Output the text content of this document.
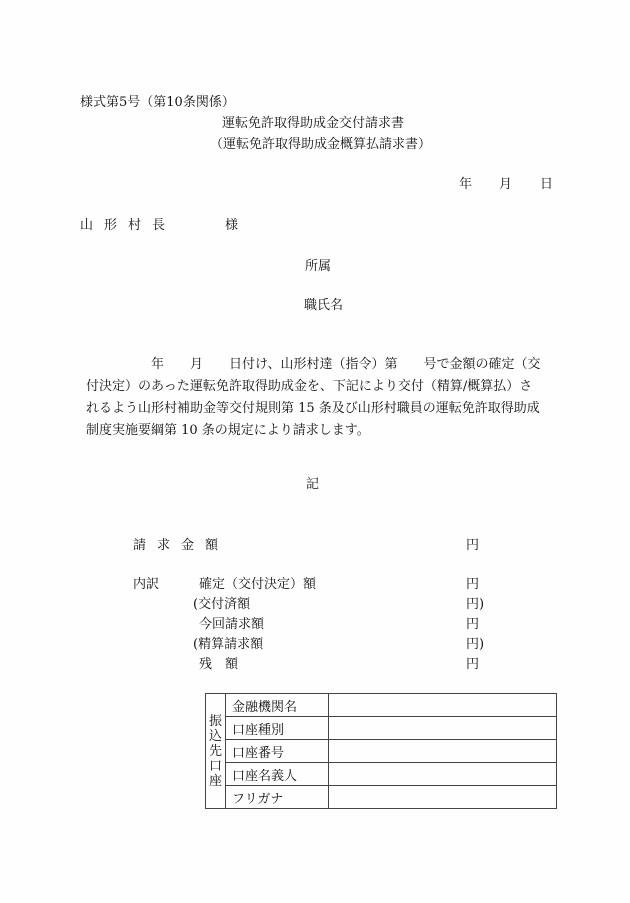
様式第5号（第10条関係）
運転免許取得助成金交付請求書
（運転免許取得助成金概算払請求書）
年 月 日
山形村長	様
所属
職氏名
　　　　　年　　月　　日付け、山形村達（指令）第　　号で金額の確定（交
付決定）のあった運転免許取得助成金を、下記により交付（精算/概算払）さ
れるよう山形村補助金等交付規則第 15 条及び山形村職員の運転免許取得助成
制度実施要綱第 10 条の規定により請求します。
記
請求金額	円
内訳	確定（交付決定）額	円
(交付済額	円)
今回請求額	円
(精算請求額	円)
残　額	円
振
込
先
口
座	金融機関名	
	口座種別	
	口座番号	
	口座名義人	
	フリガナ	
